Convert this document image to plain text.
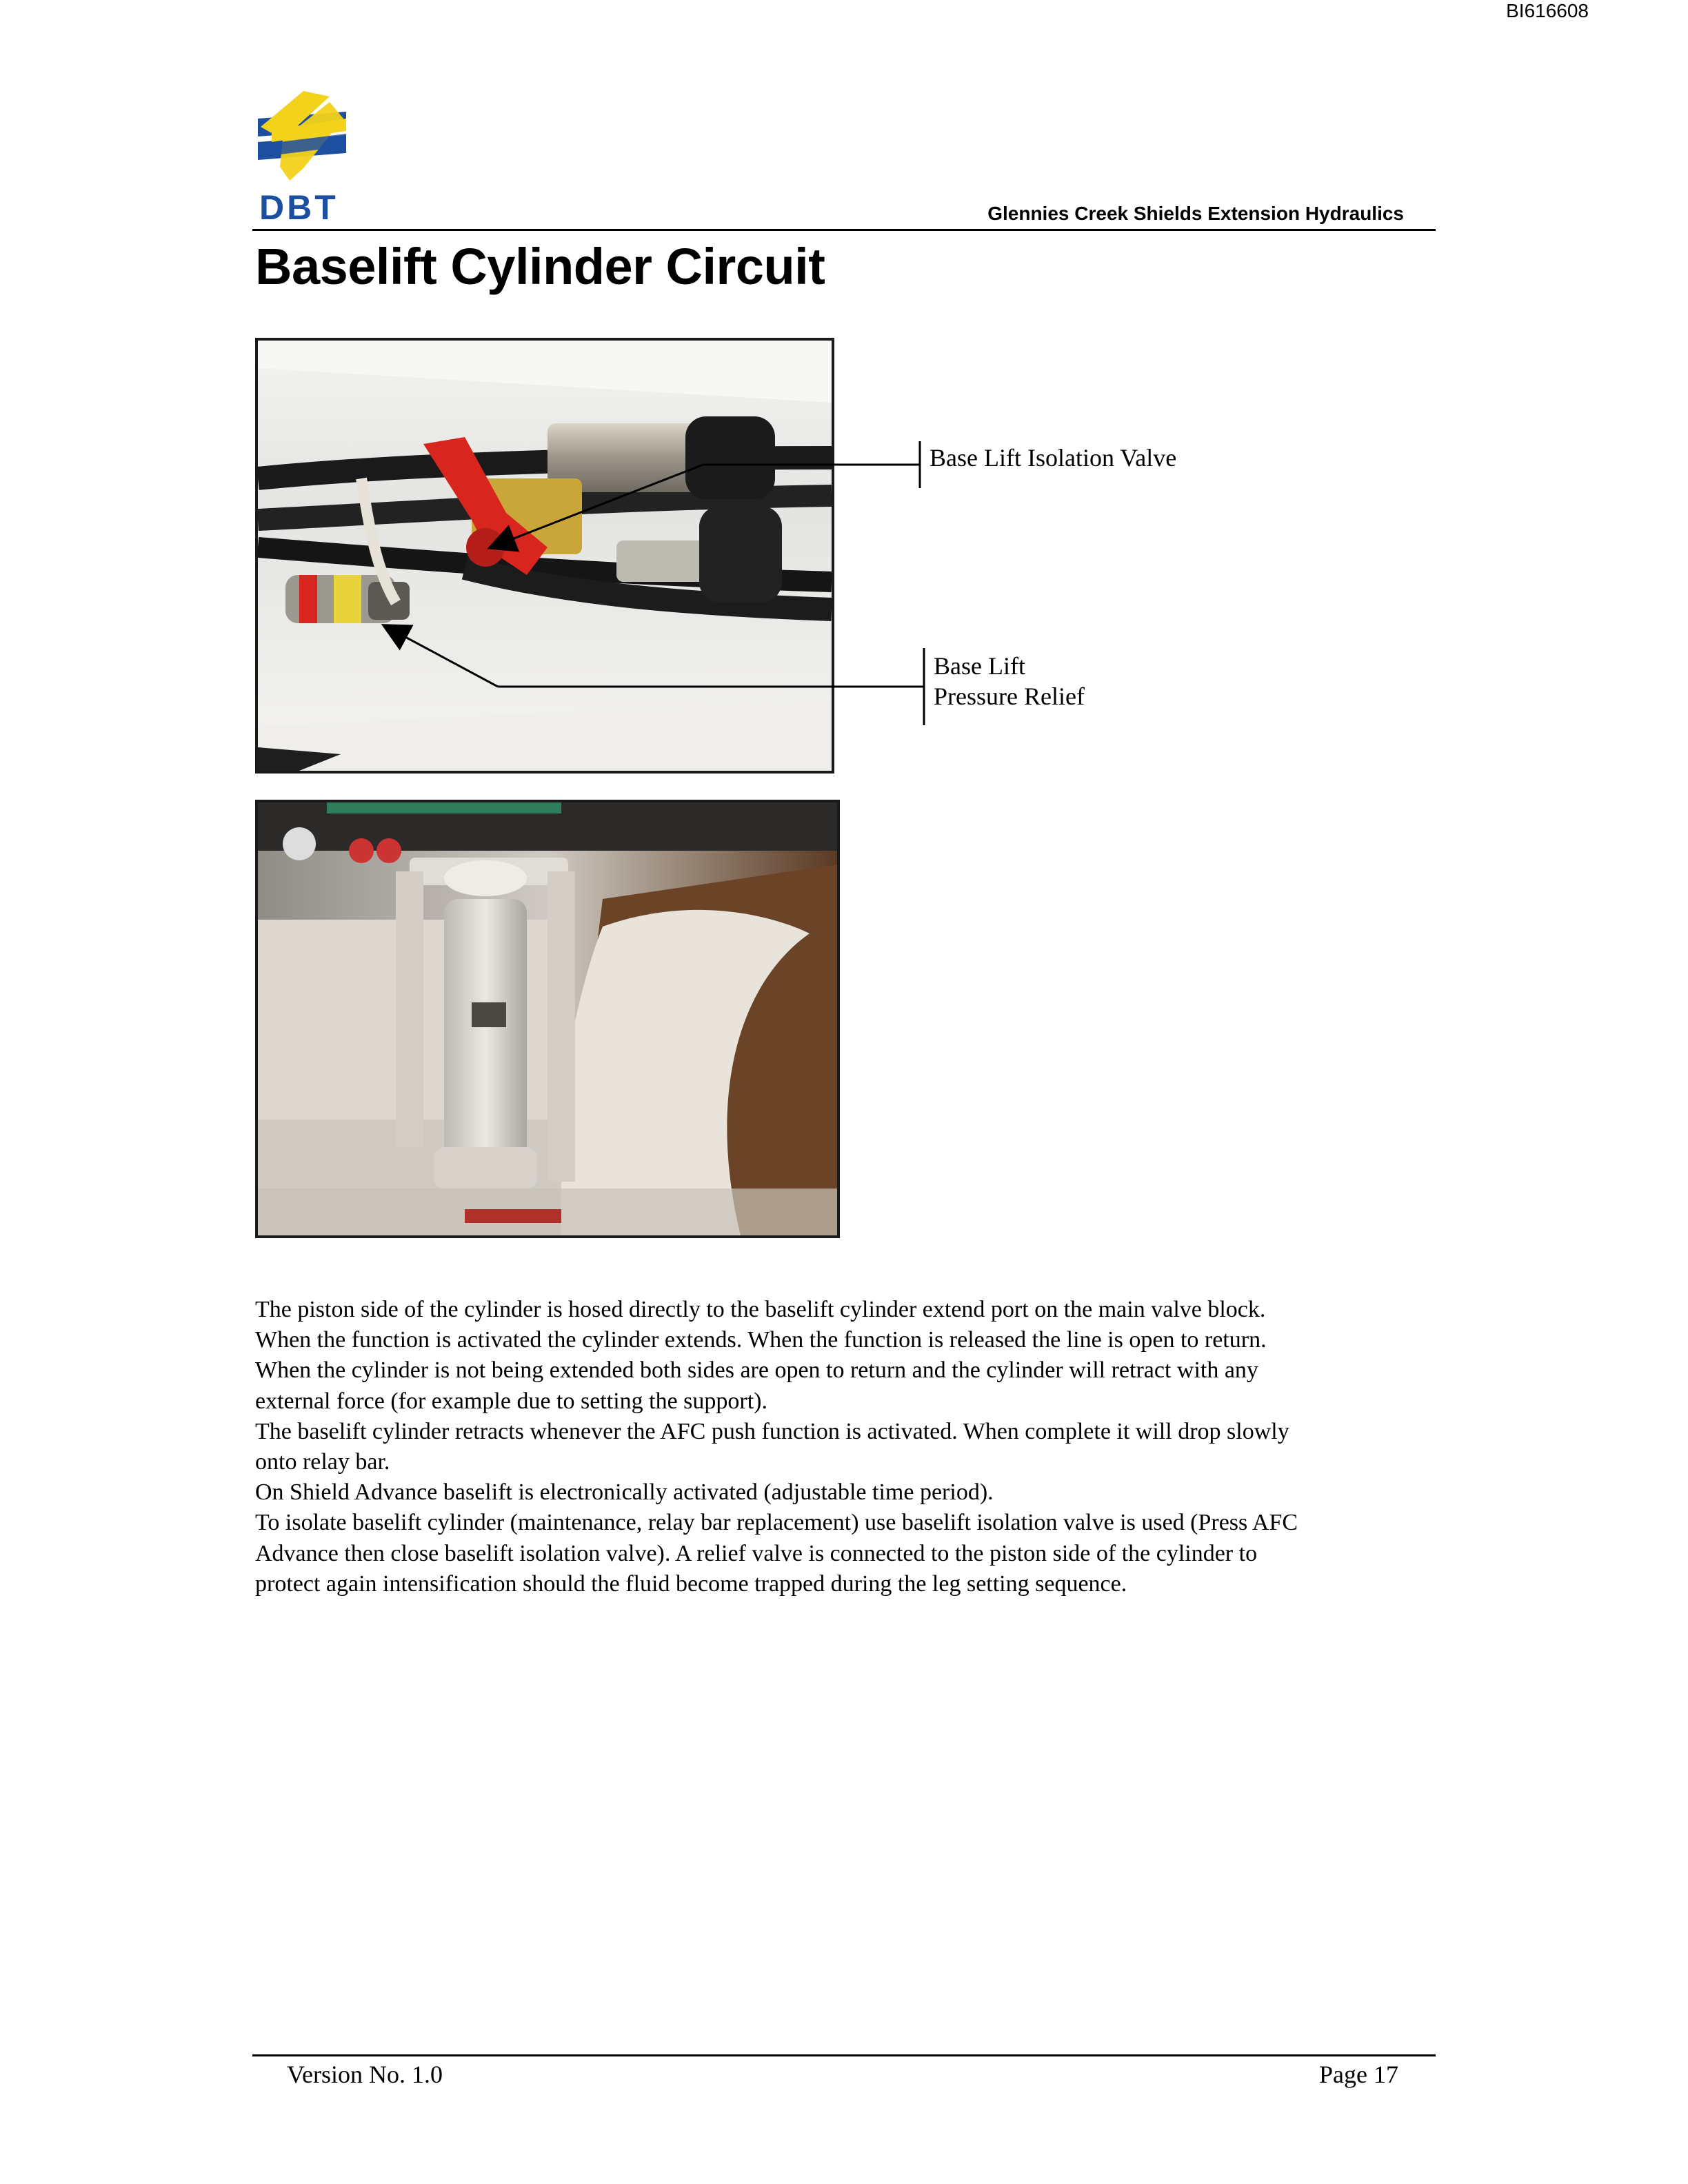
BI616608
DBT	Glennies Creek Shields Extension Hydraulics
Baselift Cylinder Circuit
Base Lift Isolation Valve
Base Lift
Pressure Relief

The piston side of the cylinder is hosed directly to the baselift cylinder extend port on the main valve block.

When the function is activated the cylinder extends. When the function is released the line is open to return.

When the cylinder is not being extended both sides are open to return and the cylinder will retract with any

external force (for example due to setting the support).

The baselift cylinder retracts whenever the AFC push function is activated. When complete it will drop slowly

onto relay bar.

On Shield Advance baselift is electronically activated (adjustable time period).

To isolate baselift cylinder (maintenance, relay bar replacement) use baselift isolation valve is used (Press AFC

Advance then close baselift isolation valve). A relief valve is connected to the piston side of the cylinder to

protect again intensification should the fluid become trapped during the leg setting sequence.

Version No. 1.0	Page 17
